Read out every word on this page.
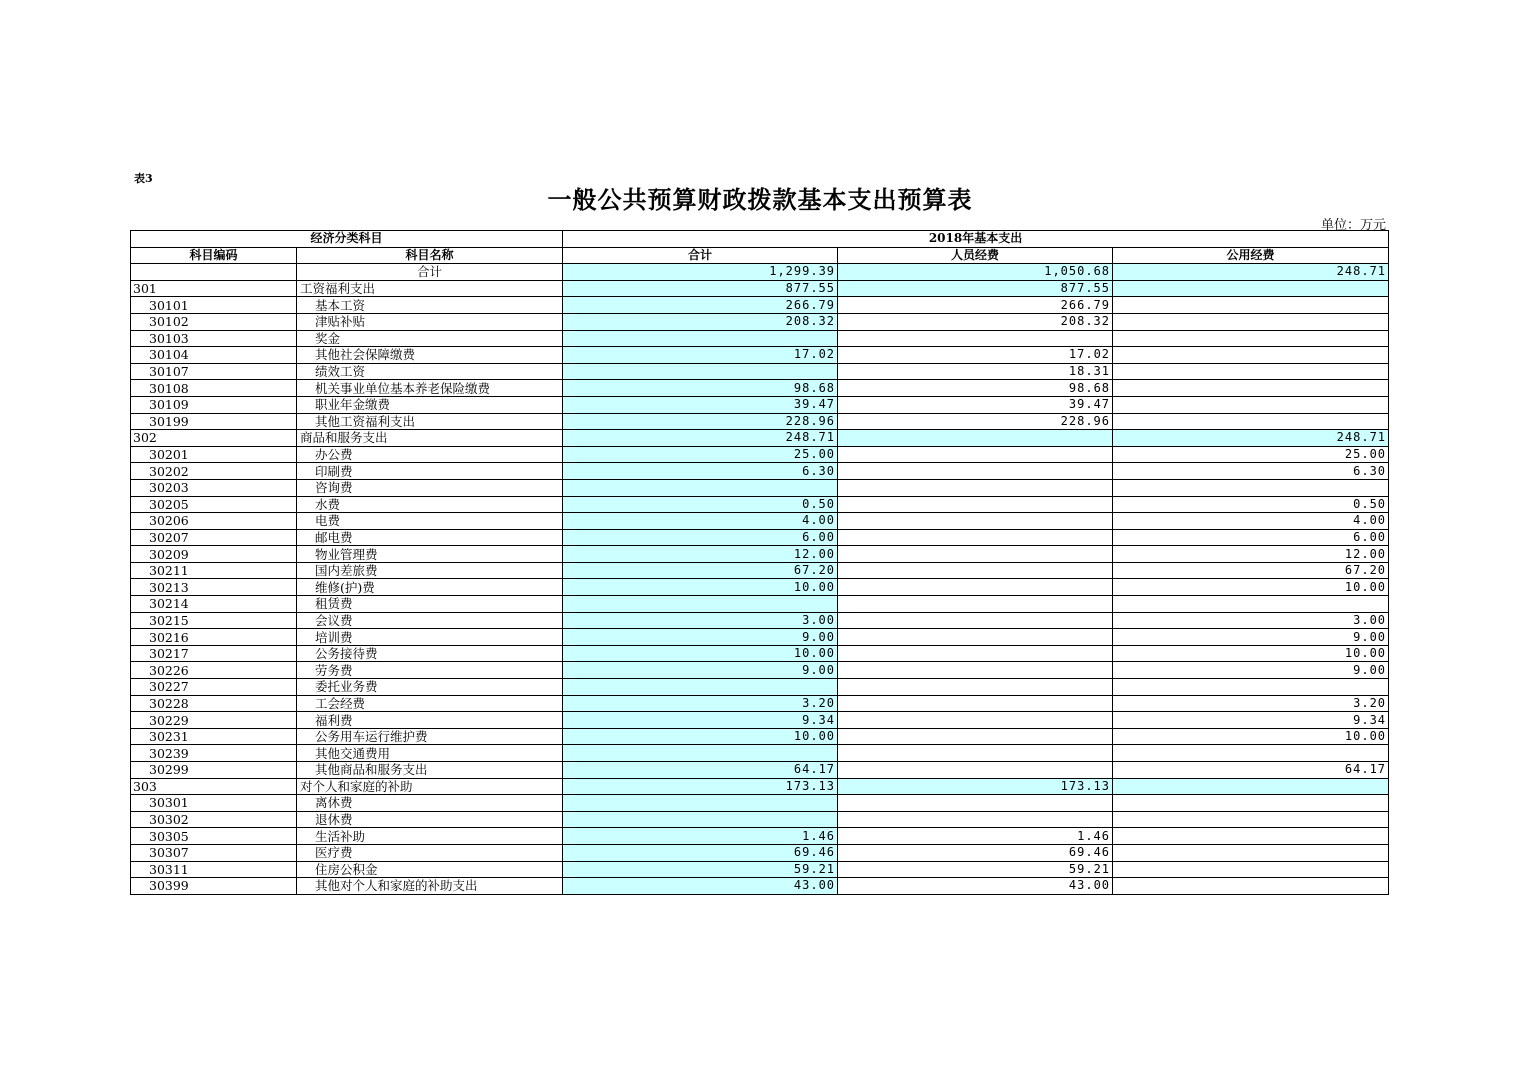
表3
一般公共预算财政拨款基本支出预算表
单位：万元
经济分类科目		2018年基本支出		
科目编码	科目名称	合计	人员经费	公用经费
	合计	1,299.39	1,050.68	248.71
301	工资福利支出	877.55	877.55	
30101	基本工资	266.79	266.79	
30102	津贴补贴	208.32	208.32	
30103	奖金			
30104	其他社会保障缴费	17.02	17.02	
30107	绩效工资		18.31	
30108	机关事业单位基本养老保险缴费	98.68	98.68	
30109	职业年金缴费	39.47	39.47	
30199	其他工资福利支出	228.96	228.96	
302	商品和服务支出	248.71		248.71
30201	办公费	25.00		25.00
30202	印刷费	6.30		6.30
30203	咨询费			
30205	水费	0.50		0.50
30206	电费	4.00		4.00
30207	邮电费	6.00		6.00
30209	物业管理费	12.00		12.00
30211	国内差旅费	67.20		67.20
30213	维修(护)费	10.00		10.00
30214	租赁费			
30215	会议费	3.00		3.00
30216	培训费	9.00		9.00
30217	公务接待费	10.00		10.00
30226	劳务费	9.00		9.00
30227	委托业务费			
30228	工会经费	3.20		3.20
30229	福利费	9.34		9.34
30231	公务用车运行维护费	10.00		10.00
30239	其他交通费用			
30299	其他商品和服务支出	64.17		64.17
303	对个人和家庭的补助	173.13	173.13	
30301	离休费			
30302	退休费			
30305	生活补助	1.46	1.46	
30307	医疗费	69.46	69.46	
30311	住房公积金	59.21	59.21	
30399	其他对个人和家庭的补助支出	43.00	43.00	
